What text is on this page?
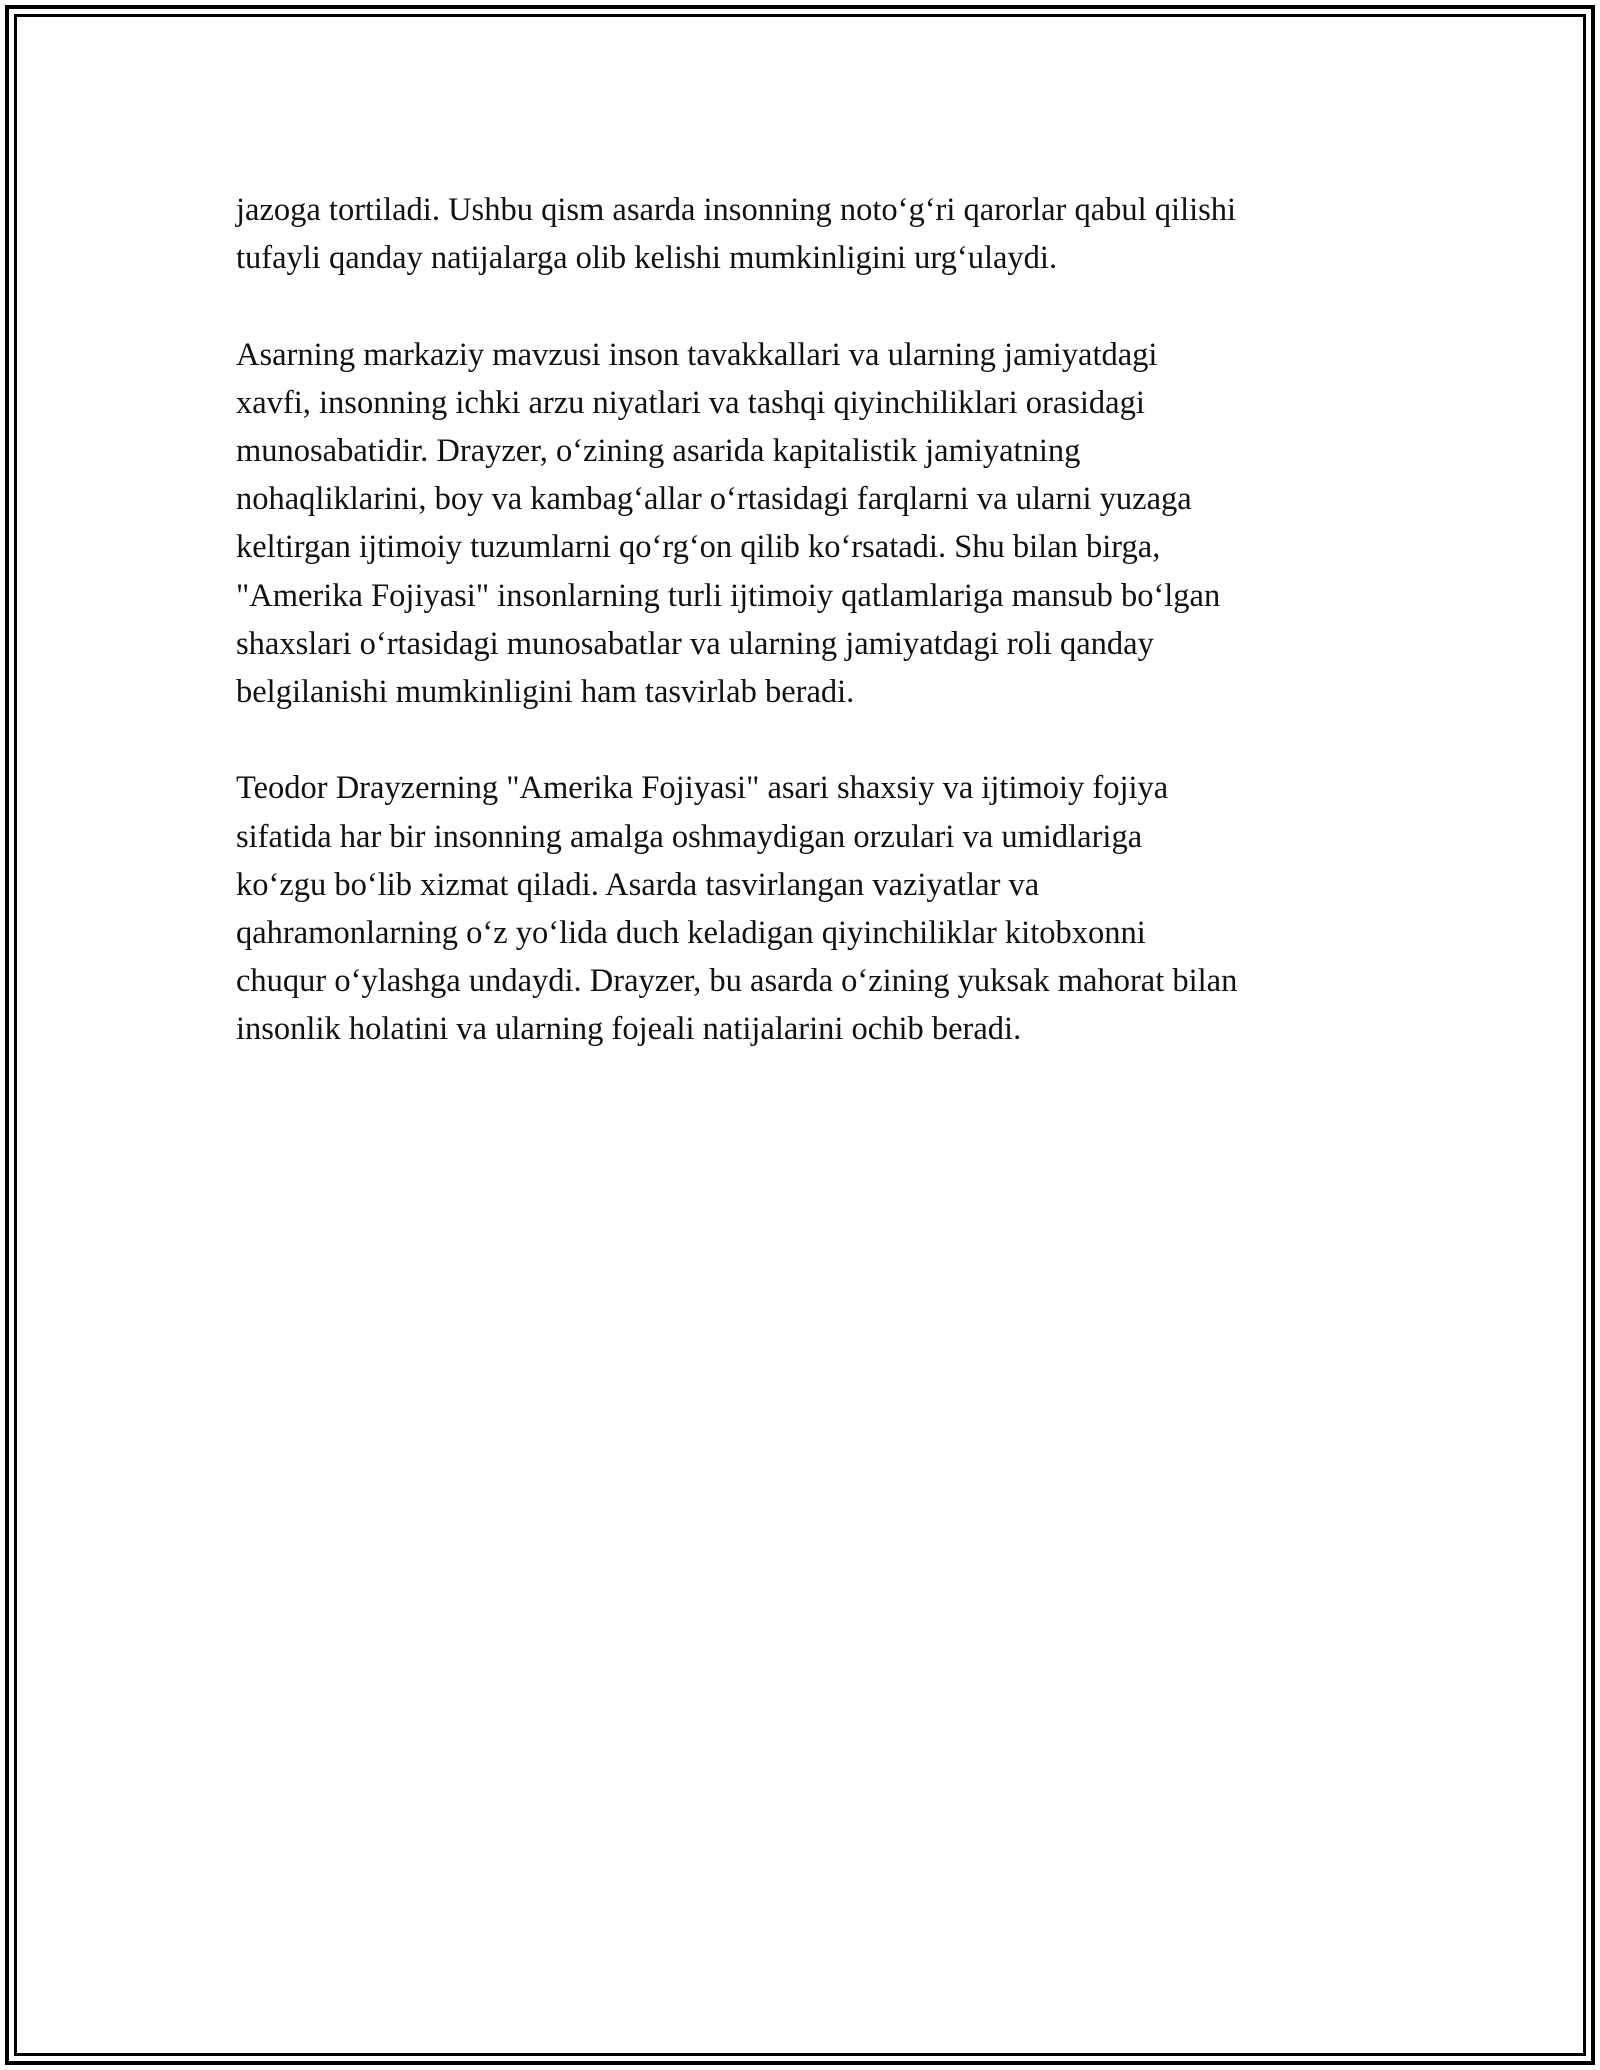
jazoga tortiladi. Ushbu qism asarda insonning noto‘g‘ri qarorlar qabul qilishi
tufayli qanday natijalarga olib kelishi mumkinligini urg‘ulaydi.

Asarning markaziy mavzusi inson tavakkallari va ularning jamiyatdagi
xavfi, insonning ichki arzu niyatlari va tashqi qiyinchiliklari orasidagi
munosabatidir. Drayzer, o‘zining asarida kapitalistik jamiyatning
nohaqliklarini, boy va kambag‘allar o‘rtasidagi farqlarni va ularni yuzaga
keltirgan ijtimoiy tuzumlarni qo‘rg‘on qilib ko‘rsatadi. Shu bilan birga,
"Amerika Fojiyasi" insonlarning turli ijtimoiy qatlamlariga mansub bo‘lgan
shaxslari o‘rtasidagi munosabatlar va ularning jamiyatdagi roli qanday
belgilanishi mumkinligini ham tasvirlab beradi.

Teodor Drayzerning "Amerika Fojiyasi" asari shaxsiy va ijtimoiy fojiya
sifatida har bir insonning amalga oshmaydigan orzulari va umidlariga
ko‘zgu bo‘lib xizmat qiladi. Asarda tasvirlangan vaziyatlar va
qahramonlarning o‘z yo‘lida duch keladigan qiyinchiliklar kitobxonni
chuqur o‘ylashga undaydi. Drayzer, bu asarda o‘zining yuksak mahorat bilan
insonlik holatini va ularning fojeali natijalarini ochib beradi.
